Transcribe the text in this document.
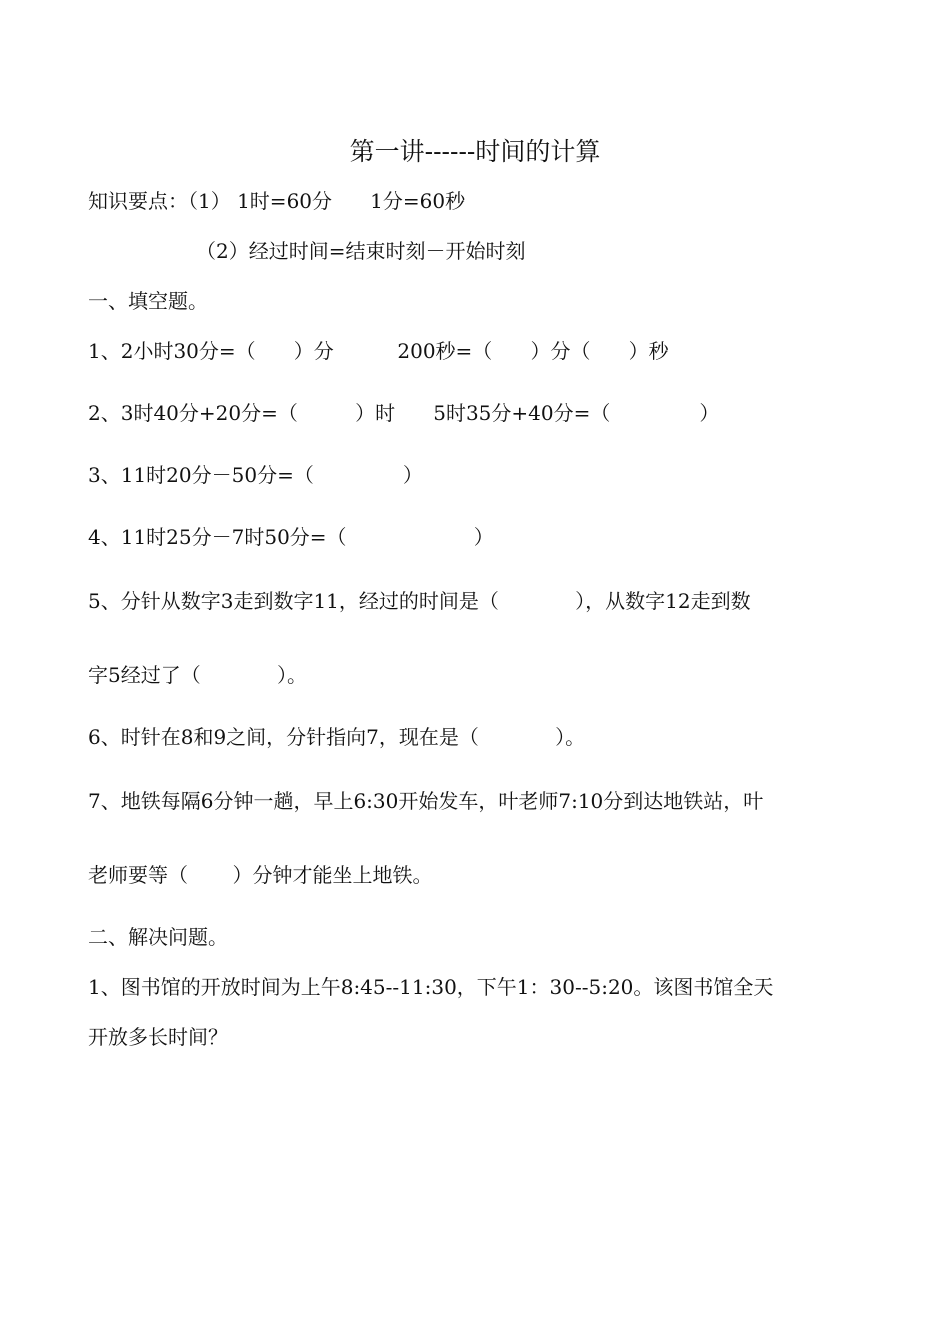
第一讲------时间的计算
知识要点：（1） 1时=60分      1分=60秒
（2）经过时间=结束时刻－开始时刻
一、填空题。
1、2小时30分=（      ）分          200秒=（      ）分（      ）秒
2、3时40分+20分=（         ）时      5时35分+40分=（              ）
3、11时20分－50分=（              ）
4、11时25分－7时50分=（                    ）
5、分针从数字3走到数字11，经过的时间是（            ），从数字12走到数
字5经过了（            ）。
6、时针在8和9之间，分针指向7，现在是（            ）。
7、地铁每隔6分钟一趟，早上6:30开始发车，叶老师7:10分到达地铁站，叶
老师要等（       ）分钟才能坐上地铁。
二、解决问题。
1、图书馆的开放时间为上午8:45--11:30，下午1：30--5:20。该图书馆全天
开放多长时间？
